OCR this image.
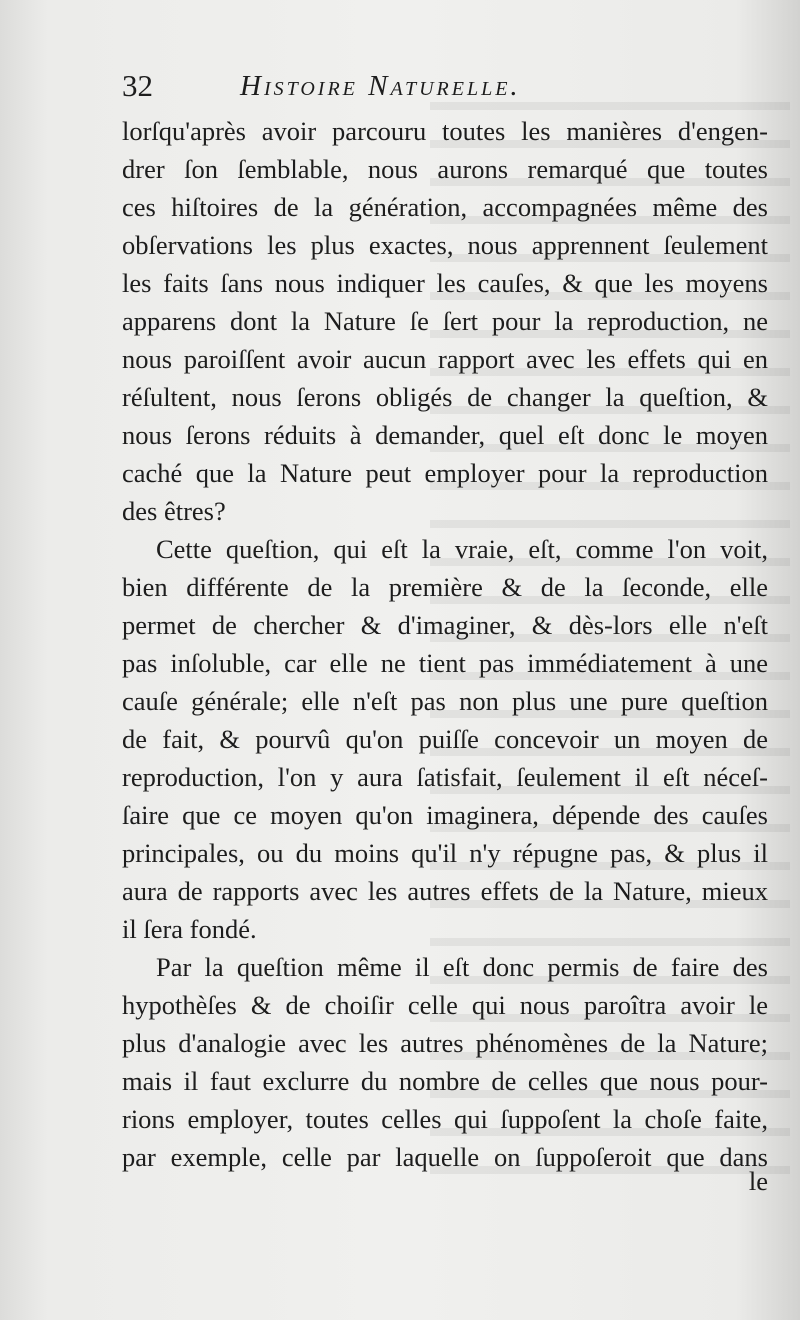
32	Histoire Naturelle.
lorſqu'après avoir parcouru toutes les manières d'engen-
drer ſon ſemblable, nous aurons remarqué que toutes
ces hiſtoires de la génération, accompagnées même des
obſervations les plus exactes, nous apprennent ſeulement
les faits ſans nous indiquer les cauſes, & que les moyens
apparens dont la Nature ſe ſert pour la reproduction, ne
nous paroiſſent avoir aucun rapport avec les effets qui en
réſultent, nous ſerons obligés de changer la queſtion, &
nous ſerons réduits à demander, quel eſt donc le moyen
caché que la Nature peut employer pour la reproduction
des êtres?
Cette queſtion, qui eſt la vraie, eſt, comme l'on voit,
bien différente de la première & de la ſeconde, elle
permet de chercher & d'imaginer, & dès-lors elle n'eſt
pas inſoluble, car elle ne tient pas immédiatement à une
cauſe générale; elle n'eſt pas non plus une pure queſtion
de fait, & pourvû qu'on puiſſe concevoir un moyen de
reproduction, l'on y aura ſatisfait, ſeulement il eſt néceſ-
ſaire que ce moyen qu'on imaginera, dépende des cauſes
principales, ou du moins qu'il n'y répugne pas, & plus il
aura de rapports avec les autres effets de la Nature, mieux
il ſera fondé.
Par la queſtion même il eſt donc permis de faire des
hypothèſes & de choiſir celle qui nous paroîtra avoir le
plus d'analogie avec les autres phénomènes de la Nature;
mais il faut exclurre du nombre de celles que nous pour-
rions employer, toutes celles qui ſuppoſent la choſe faite,
par exemple, celle par laquelle on ſuppoſeroit que dans
le
